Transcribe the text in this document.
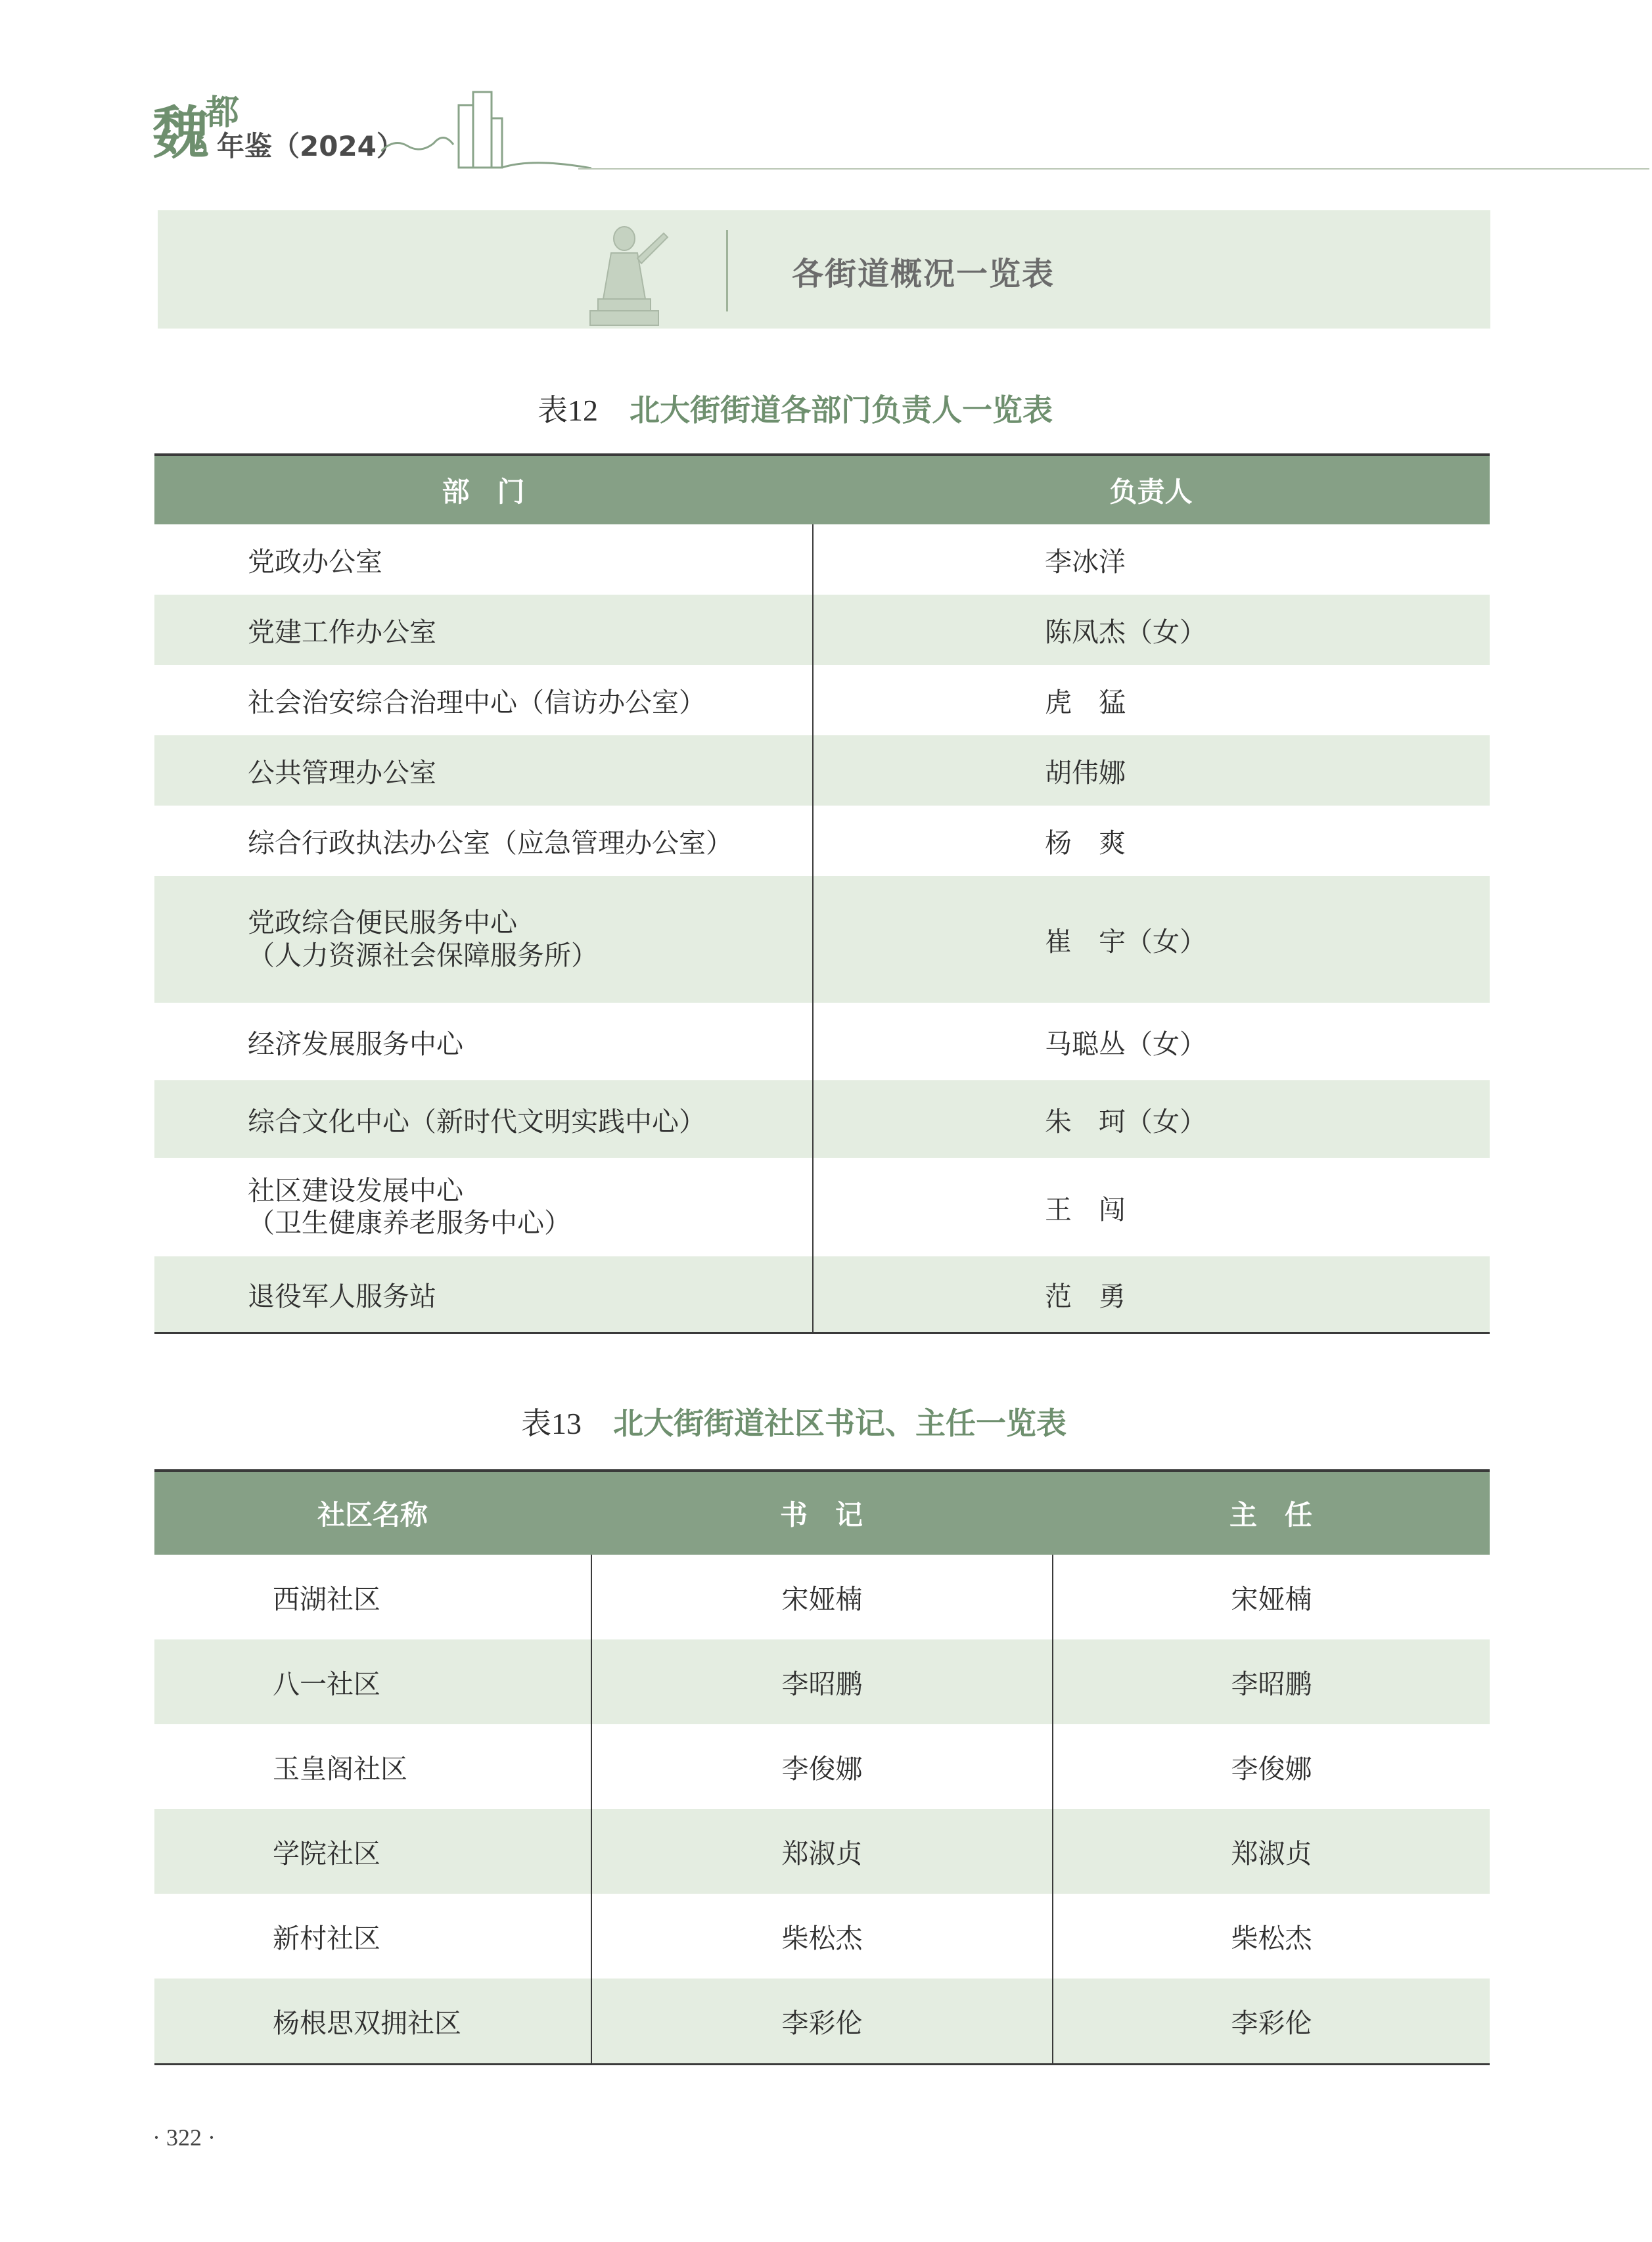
魏
都
年鉴（2024）
各街道概况一览表
表12 北大街街道各部门负责人一览表
部　门	负责人
党政办公室	李冰洋
党建工作办公室	陈凤杰（女）
社会治安综合治理中心（信访办公室）	虎　猛
公共管理办公室	胡伟娜
综合行政执法办公室（应急管理办公室）	杨　爽
党政综合便民服务中心
（人力资源社会保障服务所）	崔　宇（女）
经济发展服务中心	马聪丛（女）
综合文化中心（新时代文明实践中心）	朱　珂（女）
社区建设发展中心
（卫生健康养老服务中心）	王　闯
退役军人服务站	范　勇
表13 北大街街道社区书记、主任一览表
社区名称	书　记	主　任
西湖社区	宋娅楠	宋娅楠
八一社区	李昭鹏	李昭鹏
玉皇阁社区	李俊娜	李俊娜
学院社区	郑淑贞	郑淑贞
新村社区	柴松杰	柴松杰
杨根思双拥社区	李彩伦	李彩伦
· 322 ·
